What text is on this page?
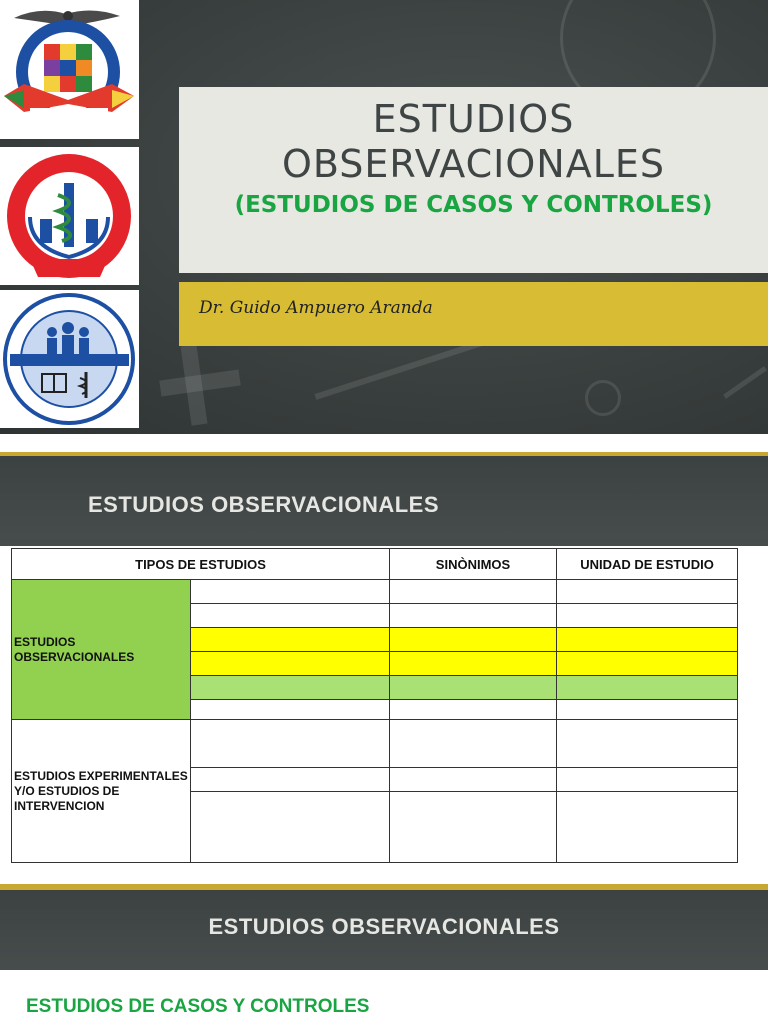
ESTUDIOS
OBSERVACIONALES
(ESTUDIOS DE CASOS Y CONTROLES)
Dr. Guido Ampuero Aranda
ESTUDIOS OBSERVACIONALES
TIPOS DE ESTUDIOS		SINÒNIMOS	UNIDAD DE ESTUDIO
ESTUDIOS OBSERVACIONALES			

ESTUDIOS EXPERIMENTALES Y/O ESTUDIOS DE INTERVENCION			

ESTUDIOS OBSERVACIONALES
ESTUDIOS DE CASOS Y CONTROLES
